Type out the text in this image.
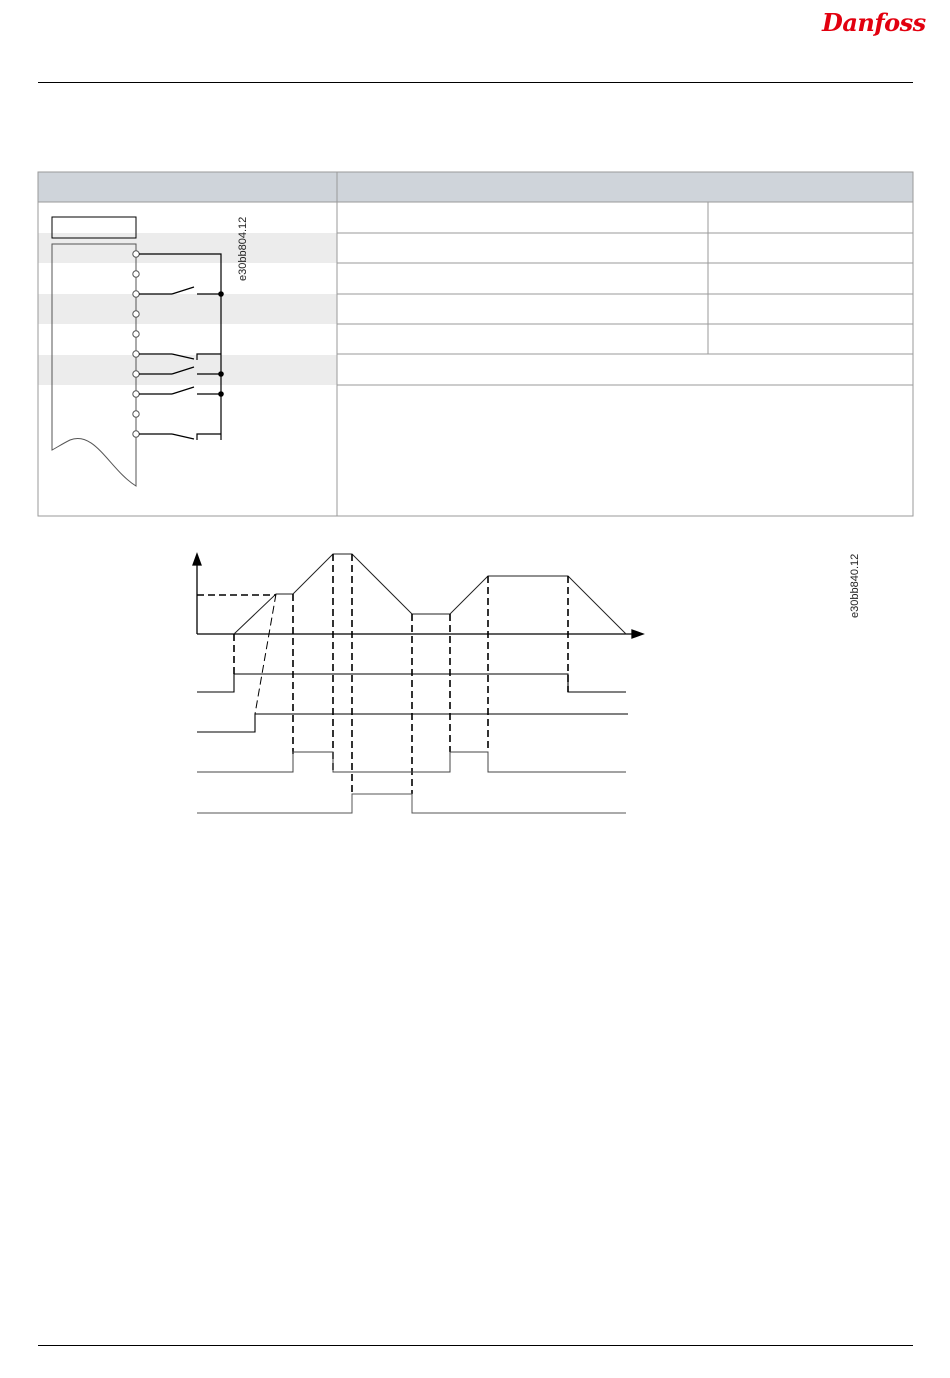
Danfoss
e30bb804.12
e30bb840.12
